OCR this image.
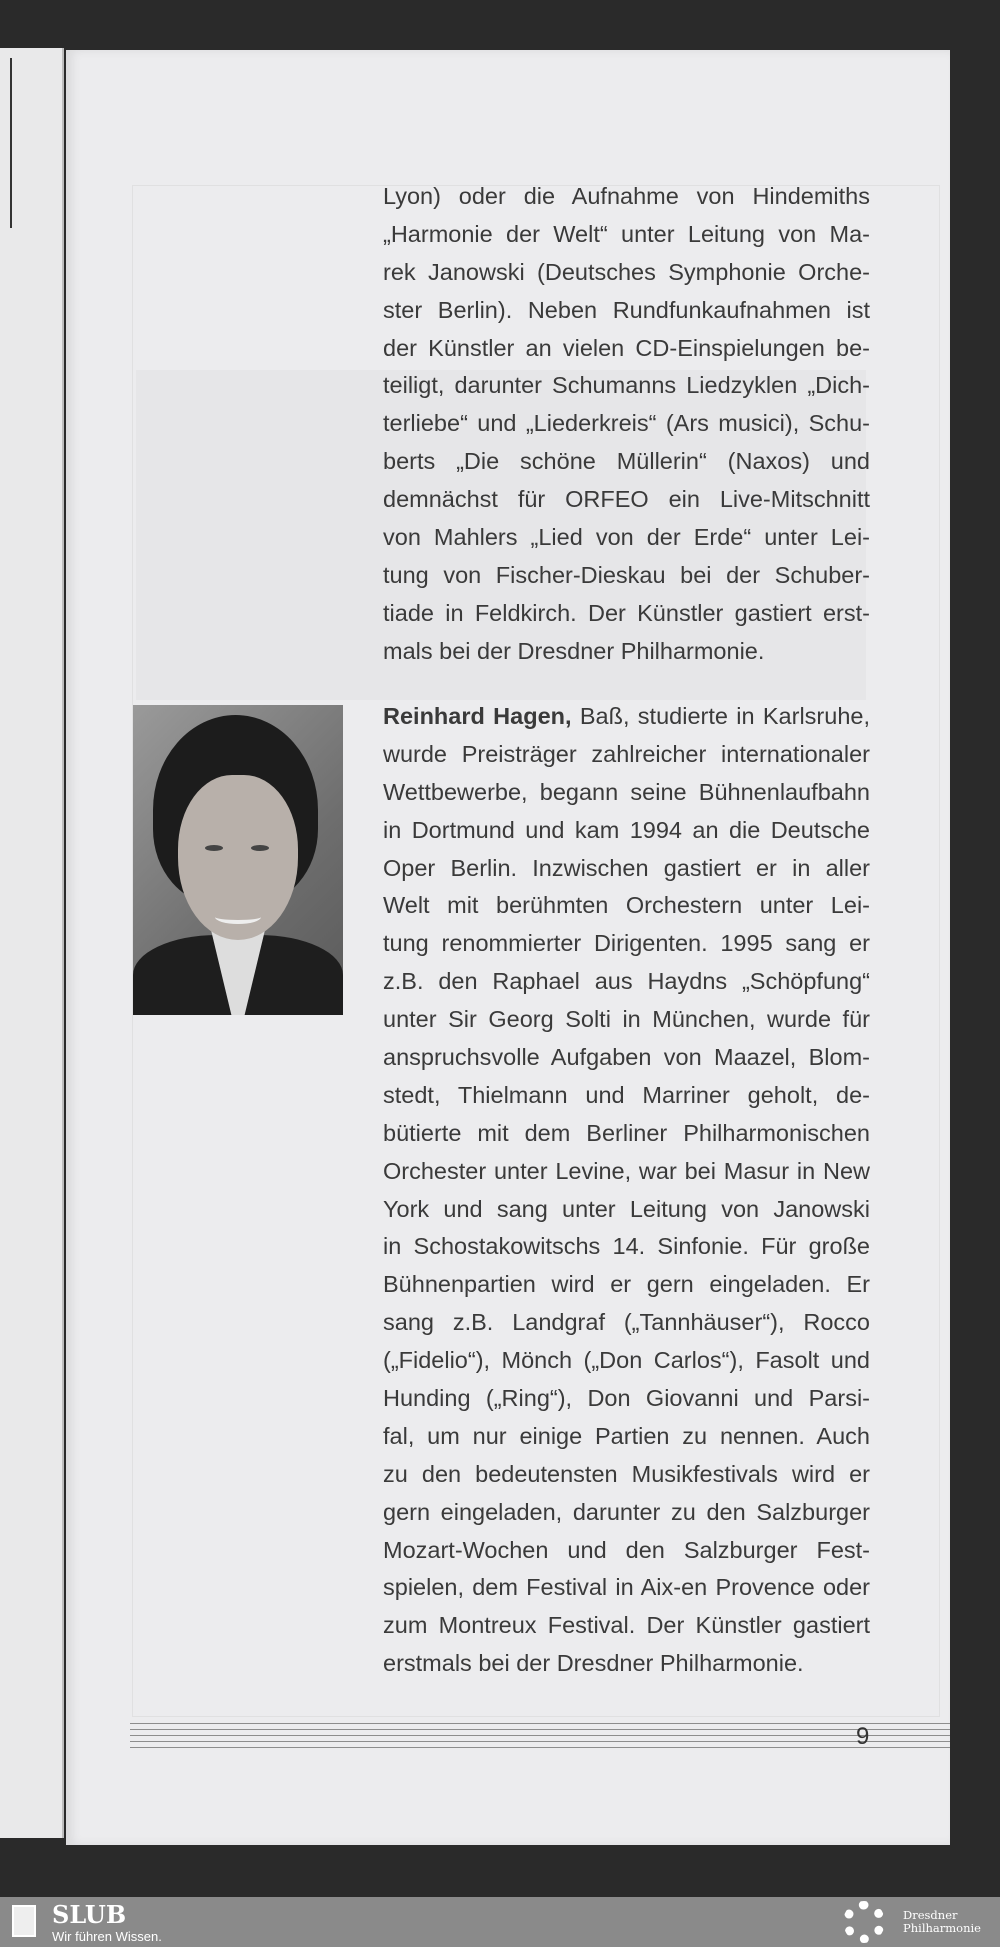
Lyon) oder die Aufnahme von Hindemiths
„Harmonie der Welt“ unter Leitung von Ma-
rek Janowski (Deutsches Symphonie Orche-
ster Berlin). Neben Rundfunkaufnahmen ist
der Künstler an vielen CD-Einspielungen be-
teiligt, darunter Schumanns Liedzyklen „Dich-
terliebe“ und „Liederkreis“ (Ars musici), Schu-
berts „Die schöne Müllerin“ (Naxos) und
demnächst für ORFEO ein Live-Mitschnitt
von Mahlers „Lied von der Erde“ unter Lei-
tung von Fischer-Dieskau bei der Schuber-
tiade in Feldkirch. Der Künstler gastiert erst-
mals bei der Dresdner Philharmonie.
Reinhard Hagen, Baß, studierte in Karlsruhe,
wurde Preisträger zahlreicher internationaler
Wettbewerbe, begann seine Bühnenlaufbahn
in Dortmund und kam 1994 an die Deutsche
Oper Berlin. Inzwischen gastiert er in aller
Welt mit berühmten Orchestern unter Lei-
tung renommierter Dirigenten. 1995 sang er
z.B. den Raphael aus Haydns „Schöpfung“
unter Sir Georg Solti in München, wurde für
anspruchsvolle Aufgaben von Maazel, Blom-
stedt, Thielmann und Marriner geholt, de-
bütierte mit dem Berliner Philharmonischen
Orchester unter Levine, war bei Masur in New
York und sang unter Leitung von Janowski
in Schostakowitschs 14. Sinfonie. Für große
Bühnenpartien wird er gern eingeladen. Er
sang z.B. Landgraf („Tannhäuser“), Rocco
(„Fidelio“), Mönch („Don Carlos“), Fasolt und
Hunding („Ring“), Don Giovanni und Parsi-
fal, um nur einige Partien zu nennen. Auch
zu den bedeutensten Musikfestivals wird er
gern eingeladen, darunter zu den Salzburger
Mozart-Wochen und den Salzburger Fest-
spielen, dem Festival in Aix-en Provence oder
zum Montreux Festival. Der Künstler gastiert
erstmals bei der Dresdner Philharmonie.
9
SLUB
Wir führen Wissen.
Dresdner
Philharmonie
